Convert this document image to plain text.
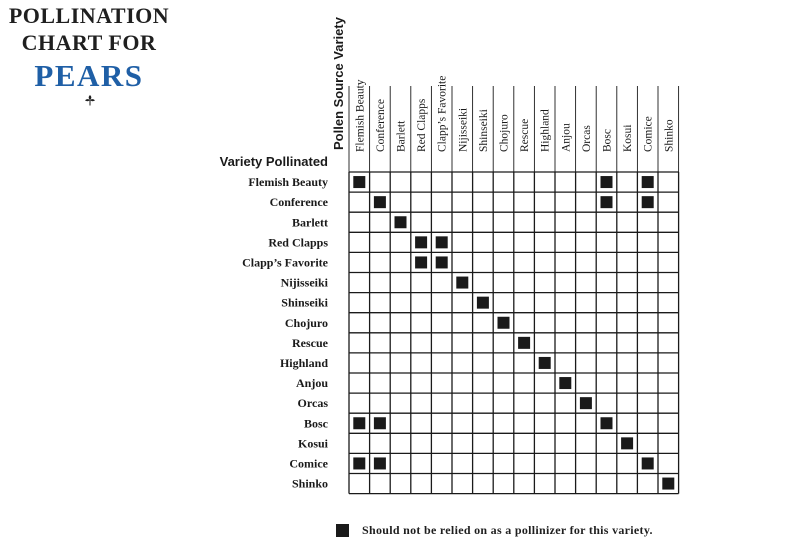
POLLINATION
CHART FOR
PEARS	Pollen Source Variety
Variety Pollinated
Flemish Beauty Conference Barlett Red Clapps Clapp’s Favorite Nijisseiki Shinseiki Chojuro Rescue Highland Anjou Orcas Bosc Kosui Comice Shinko
Flemish Beauty
Conference
Barlett
Red Clapps
Clapp’s Favorite
Nijisseiki
Shinseiki
Chojuro
Rescue
Highland
Anjou
Orcas
Bosc
Kosui
Comice
Shinko
Should not be relied on as a pollinizer for this variety.
